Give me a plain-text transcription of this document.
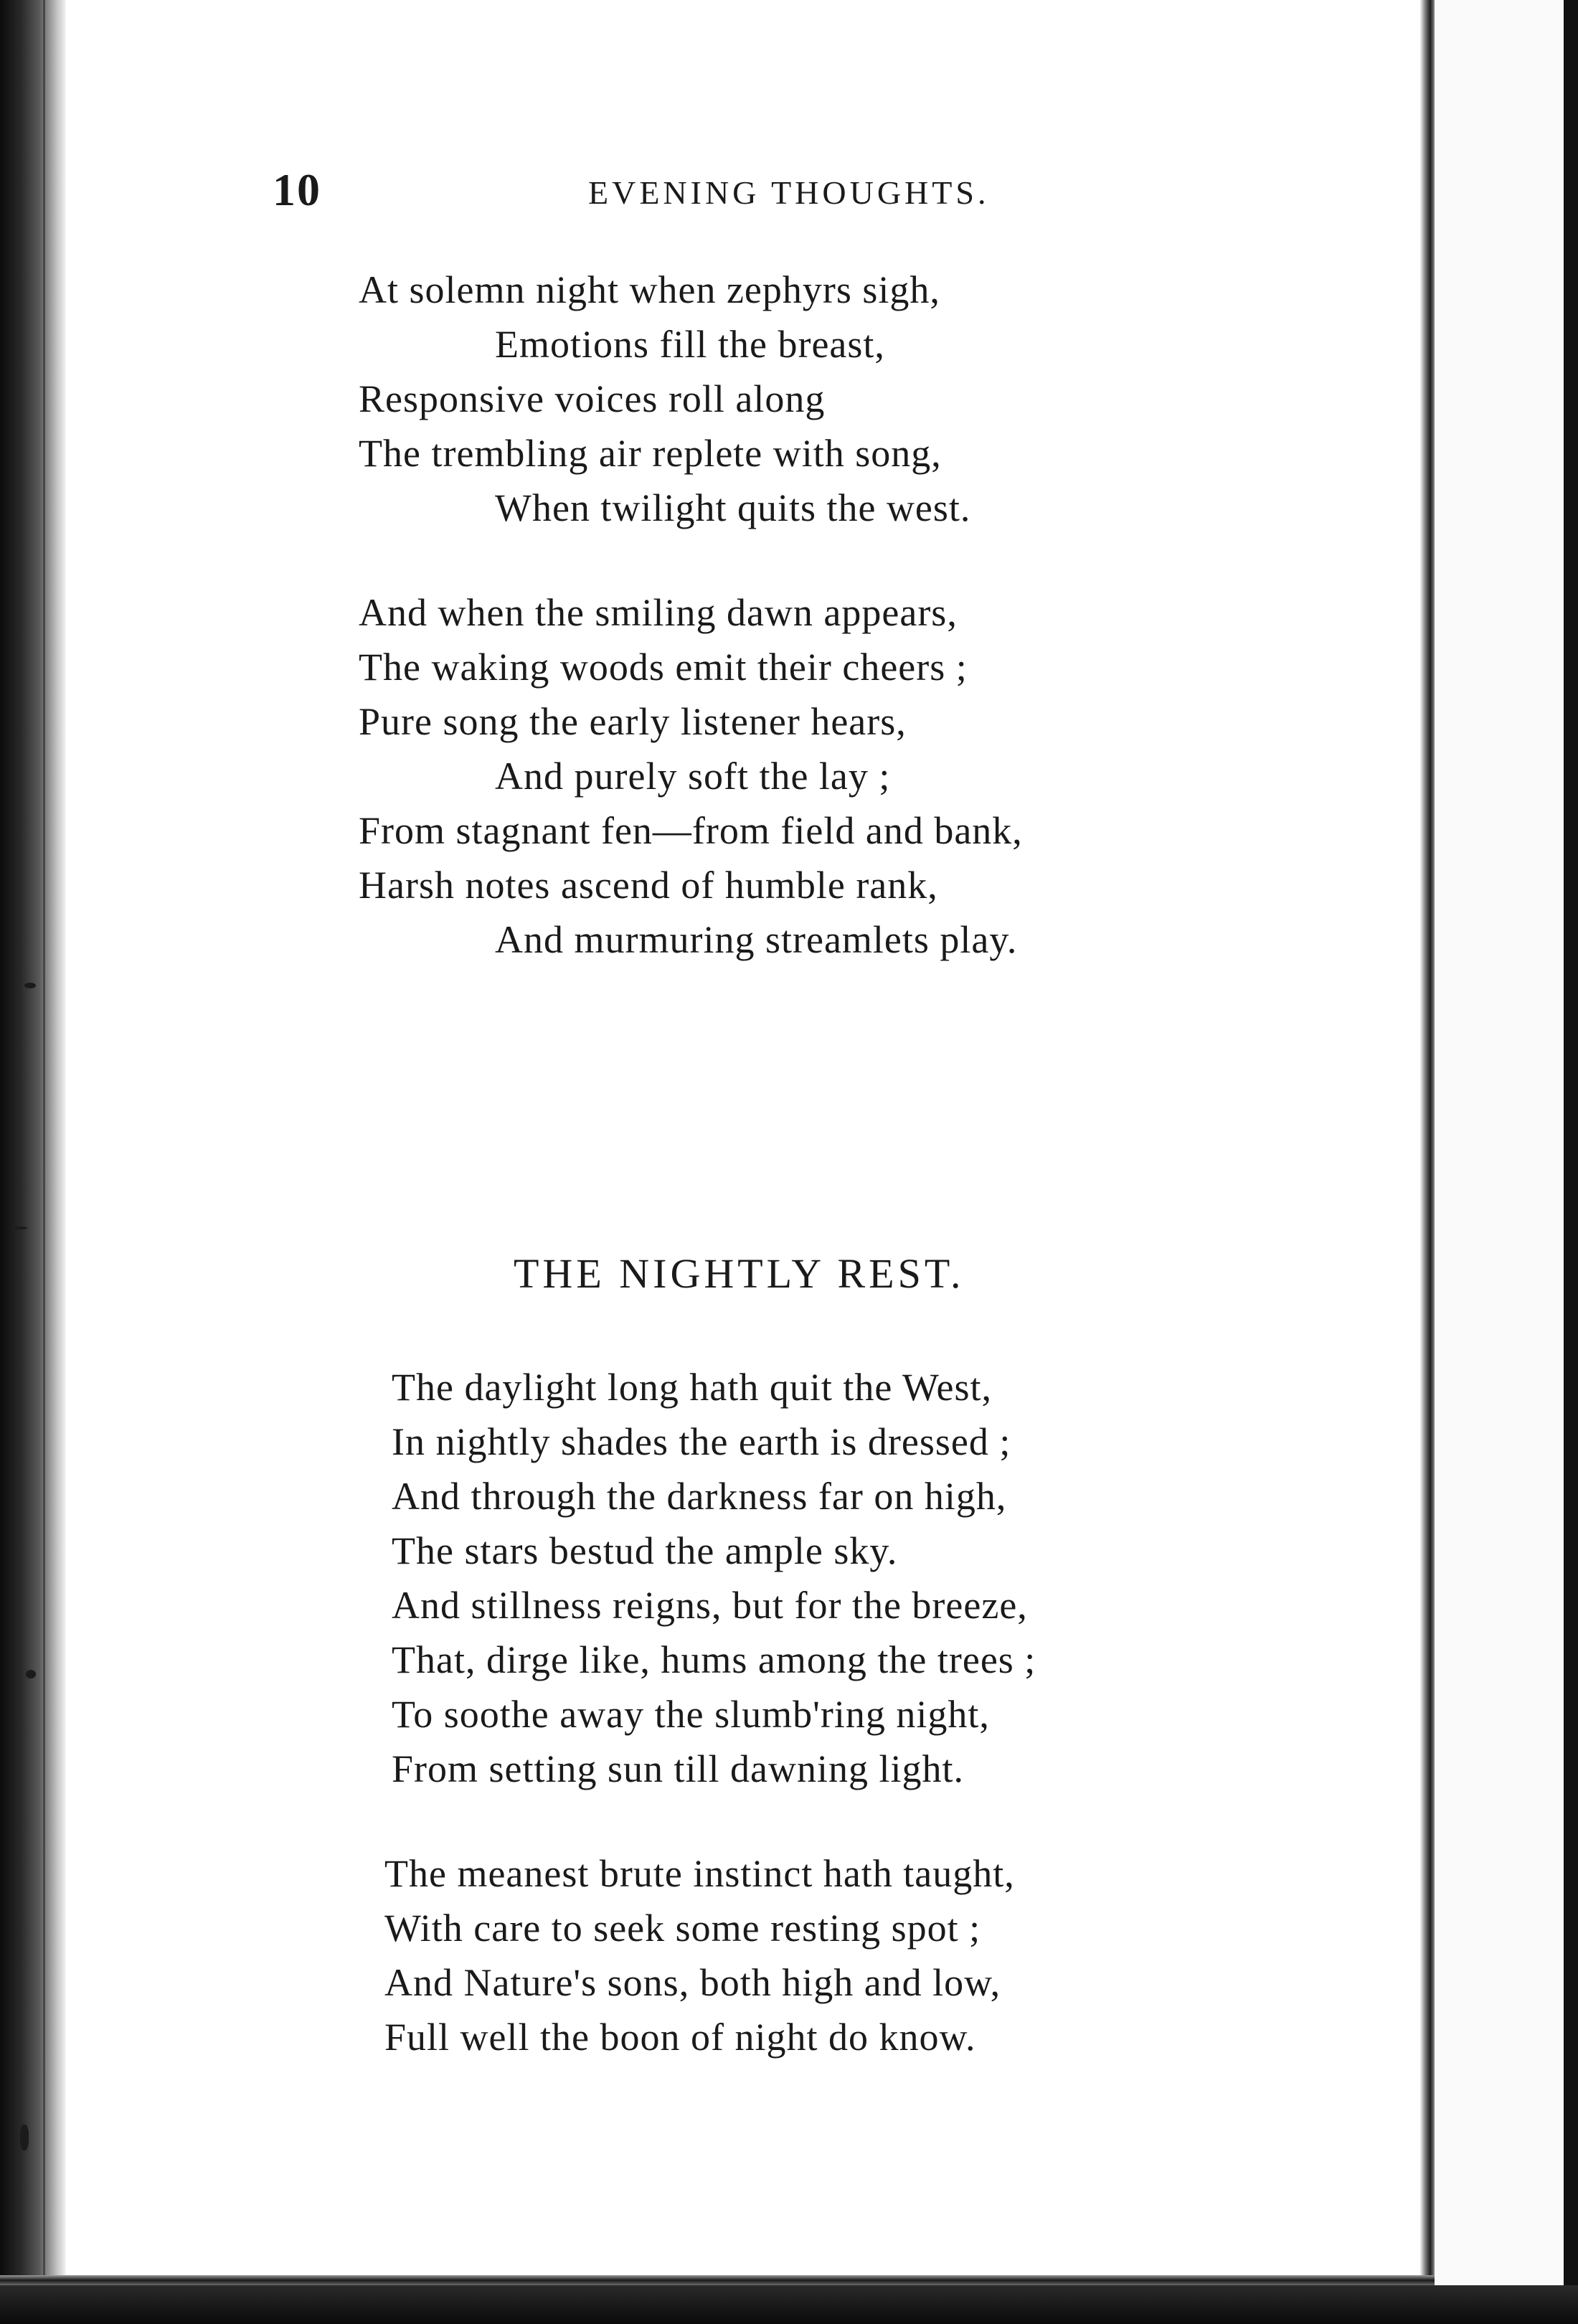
10	EVENING THOUGHTS.
At solemn night when zephyrs sigh,
Emotions fill the breast,
Responsive voices roll along
The trembling air replete with song,
When twilight quits the west.
And when the smiling dawn appears,
The waking woods emit their cheers ;
Pure song the early listener hears,
And purely soft the lay ;
From stagnant fen—from field and bank,
Harsh notes ascend of humble rank,
And murmuring streamlets play.
THE NIGHTLY REST.
The daylight long hath quit the West,
In nightly shades the earth is dressed ;
And through the darkness far on high,
The stars bestud the ample sky.
And stillness reigns, but for the breeze,
That, dirge like, hums among the trees ;
To soothe away the slumb'ring night,
From setting sun till dawning light.
The meanest brute instinct hath taught,
With care to seek some resting spot ;
And Nature's sons, both high and low,
Full well the boon of night do know.
